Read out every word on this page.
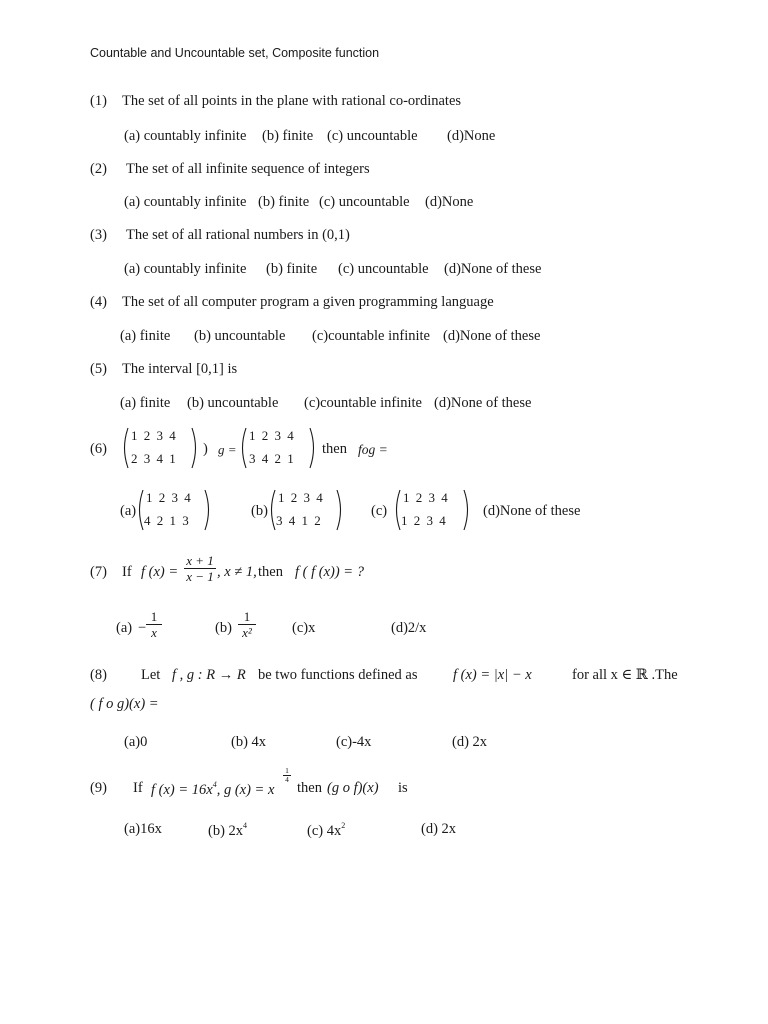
Countable and Uncountable set, Composite function
(1) The set of all points in the plane with rational co-ordinates
(a) countably infinite (b) finite (c) uncountable (d)None
(2) The set of all infinite sequence of integers
(a) countably infinite (b) finite (c) uncountable (d)None
(3) The set of all rational numbers in (0,1)
(a) countably infinite (b) finite (c) uncountable (d)None of these
(4) The set of all computer program a given programming language
(a) finite (b) uncountable (c)countable infinite (d)None of these
(5) The interval [0,1] is
(a) finite (b) uncountable (c)countable infinite (d)None of these
(6)
1 2 3 4
2 3 4 1
) g =
1 2 3 4
3 4 2 1
then fog =
(a)
1 2 3 4
4 2 1 3
(b)
1 2 3 4
3 4 1 2
(c)
1 2 3 4
1 2 3 4
(d)None of these
(7) If f $(x) = \frac{x + 1}{x - 1}$ , x ≠ 1, then f ( f (x)) = ?
$(a) - \frac{1}{x}$	$(b) \frac{1}{\text{x²}} (c)x$	(d)2/x
(8) Let f , g : R → R be two functions defined as f (x) = |x| − x	for all x ∈ ℝ .The
( f o g)(x) =
(a)0	(b) 4x	(c)-4x	(d) 2x
(9) If f $(x) = 16x^4$, g (x) = x
$\frac{1}{4}$
then (g o f)(x) is
(a)16x	(b) $2x^4$	(c) $4x^2$	(d) 2x
